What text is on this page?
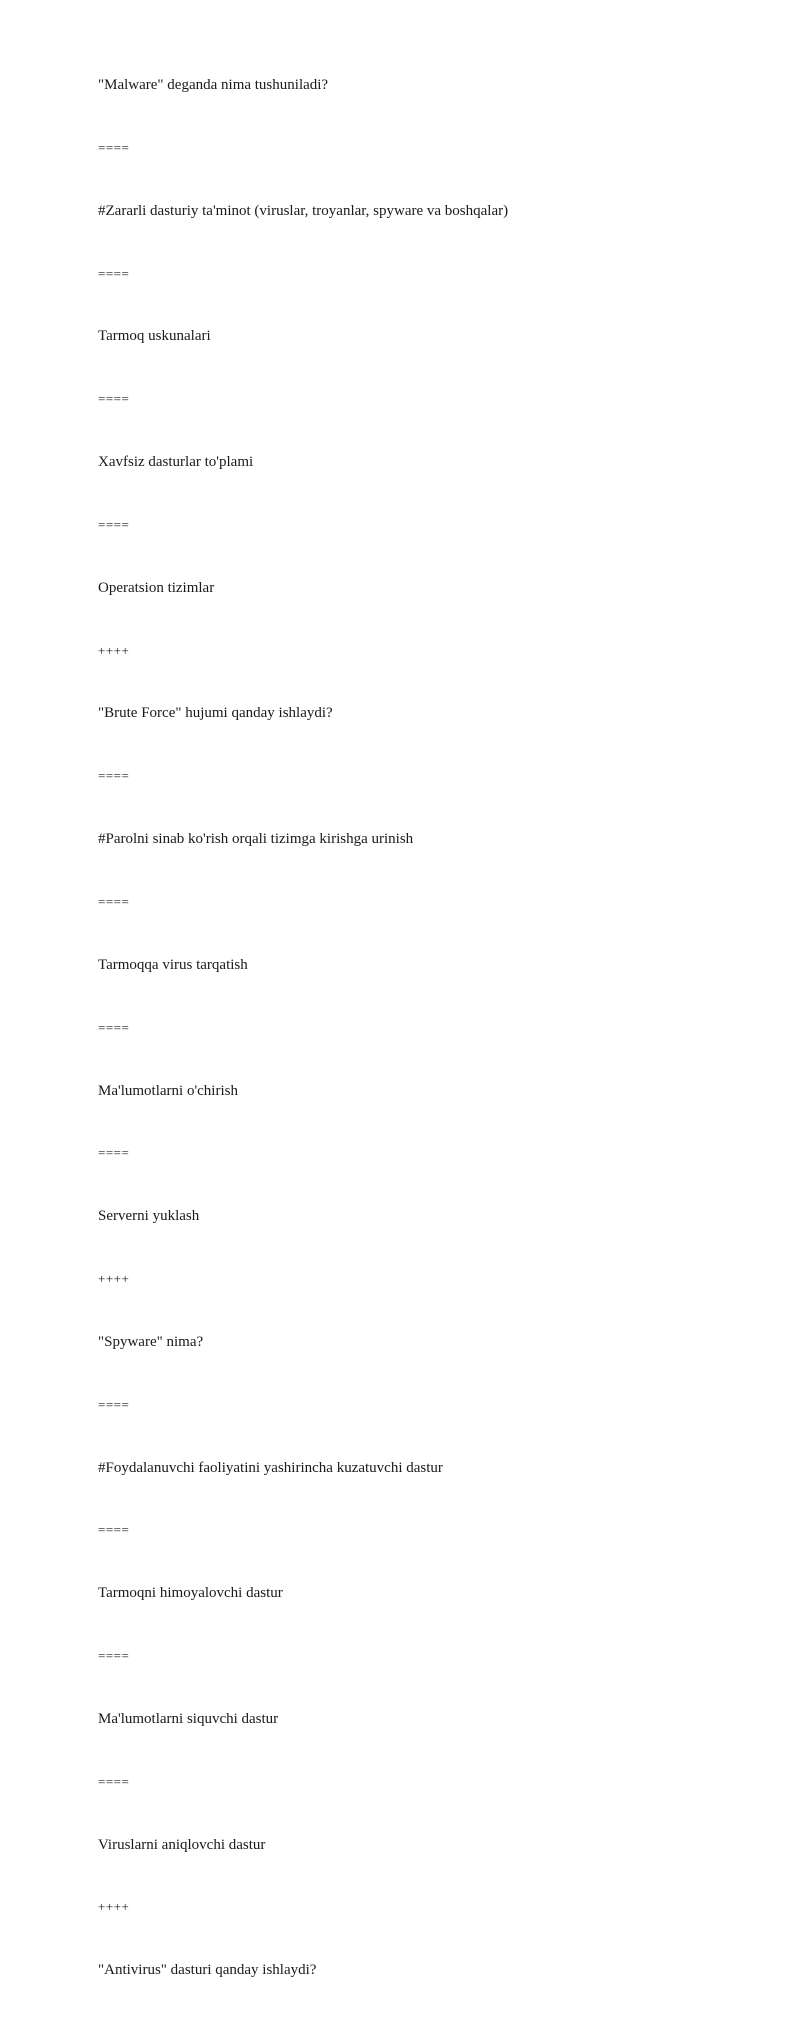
"Malware" deganda nima tushuniladi?
====
#Zararli dasturiy ta'minot (viruslar, troyanlar, spyware va boshqalar)
====
Tarmoq uskunalari
====
Xavfsiz dasturlar to'plami
====
Operatsion tizimlar
++++
"Brute Force" hujumi qanday ishlaydi?
====
#Parolni sinab ko'rish orqali tizimga kirishga urinish
====
Tarmoqqa virus tarqatish
====
Ma'lumotlarni o'chirish
====
Serverni yuklash
++++
"Spyware" nima?
====
#Foydalanuvchi faoliyatini yashirincha kuzatuvchi dastur
====
Tarmoqni himoyalovchi dastur
====
Ma'lumotlarni siquvchi dastur
====
Viruslarni aniqlovchi dastur
++++
"Antivirus" dasturi qanday ishlaydi?
